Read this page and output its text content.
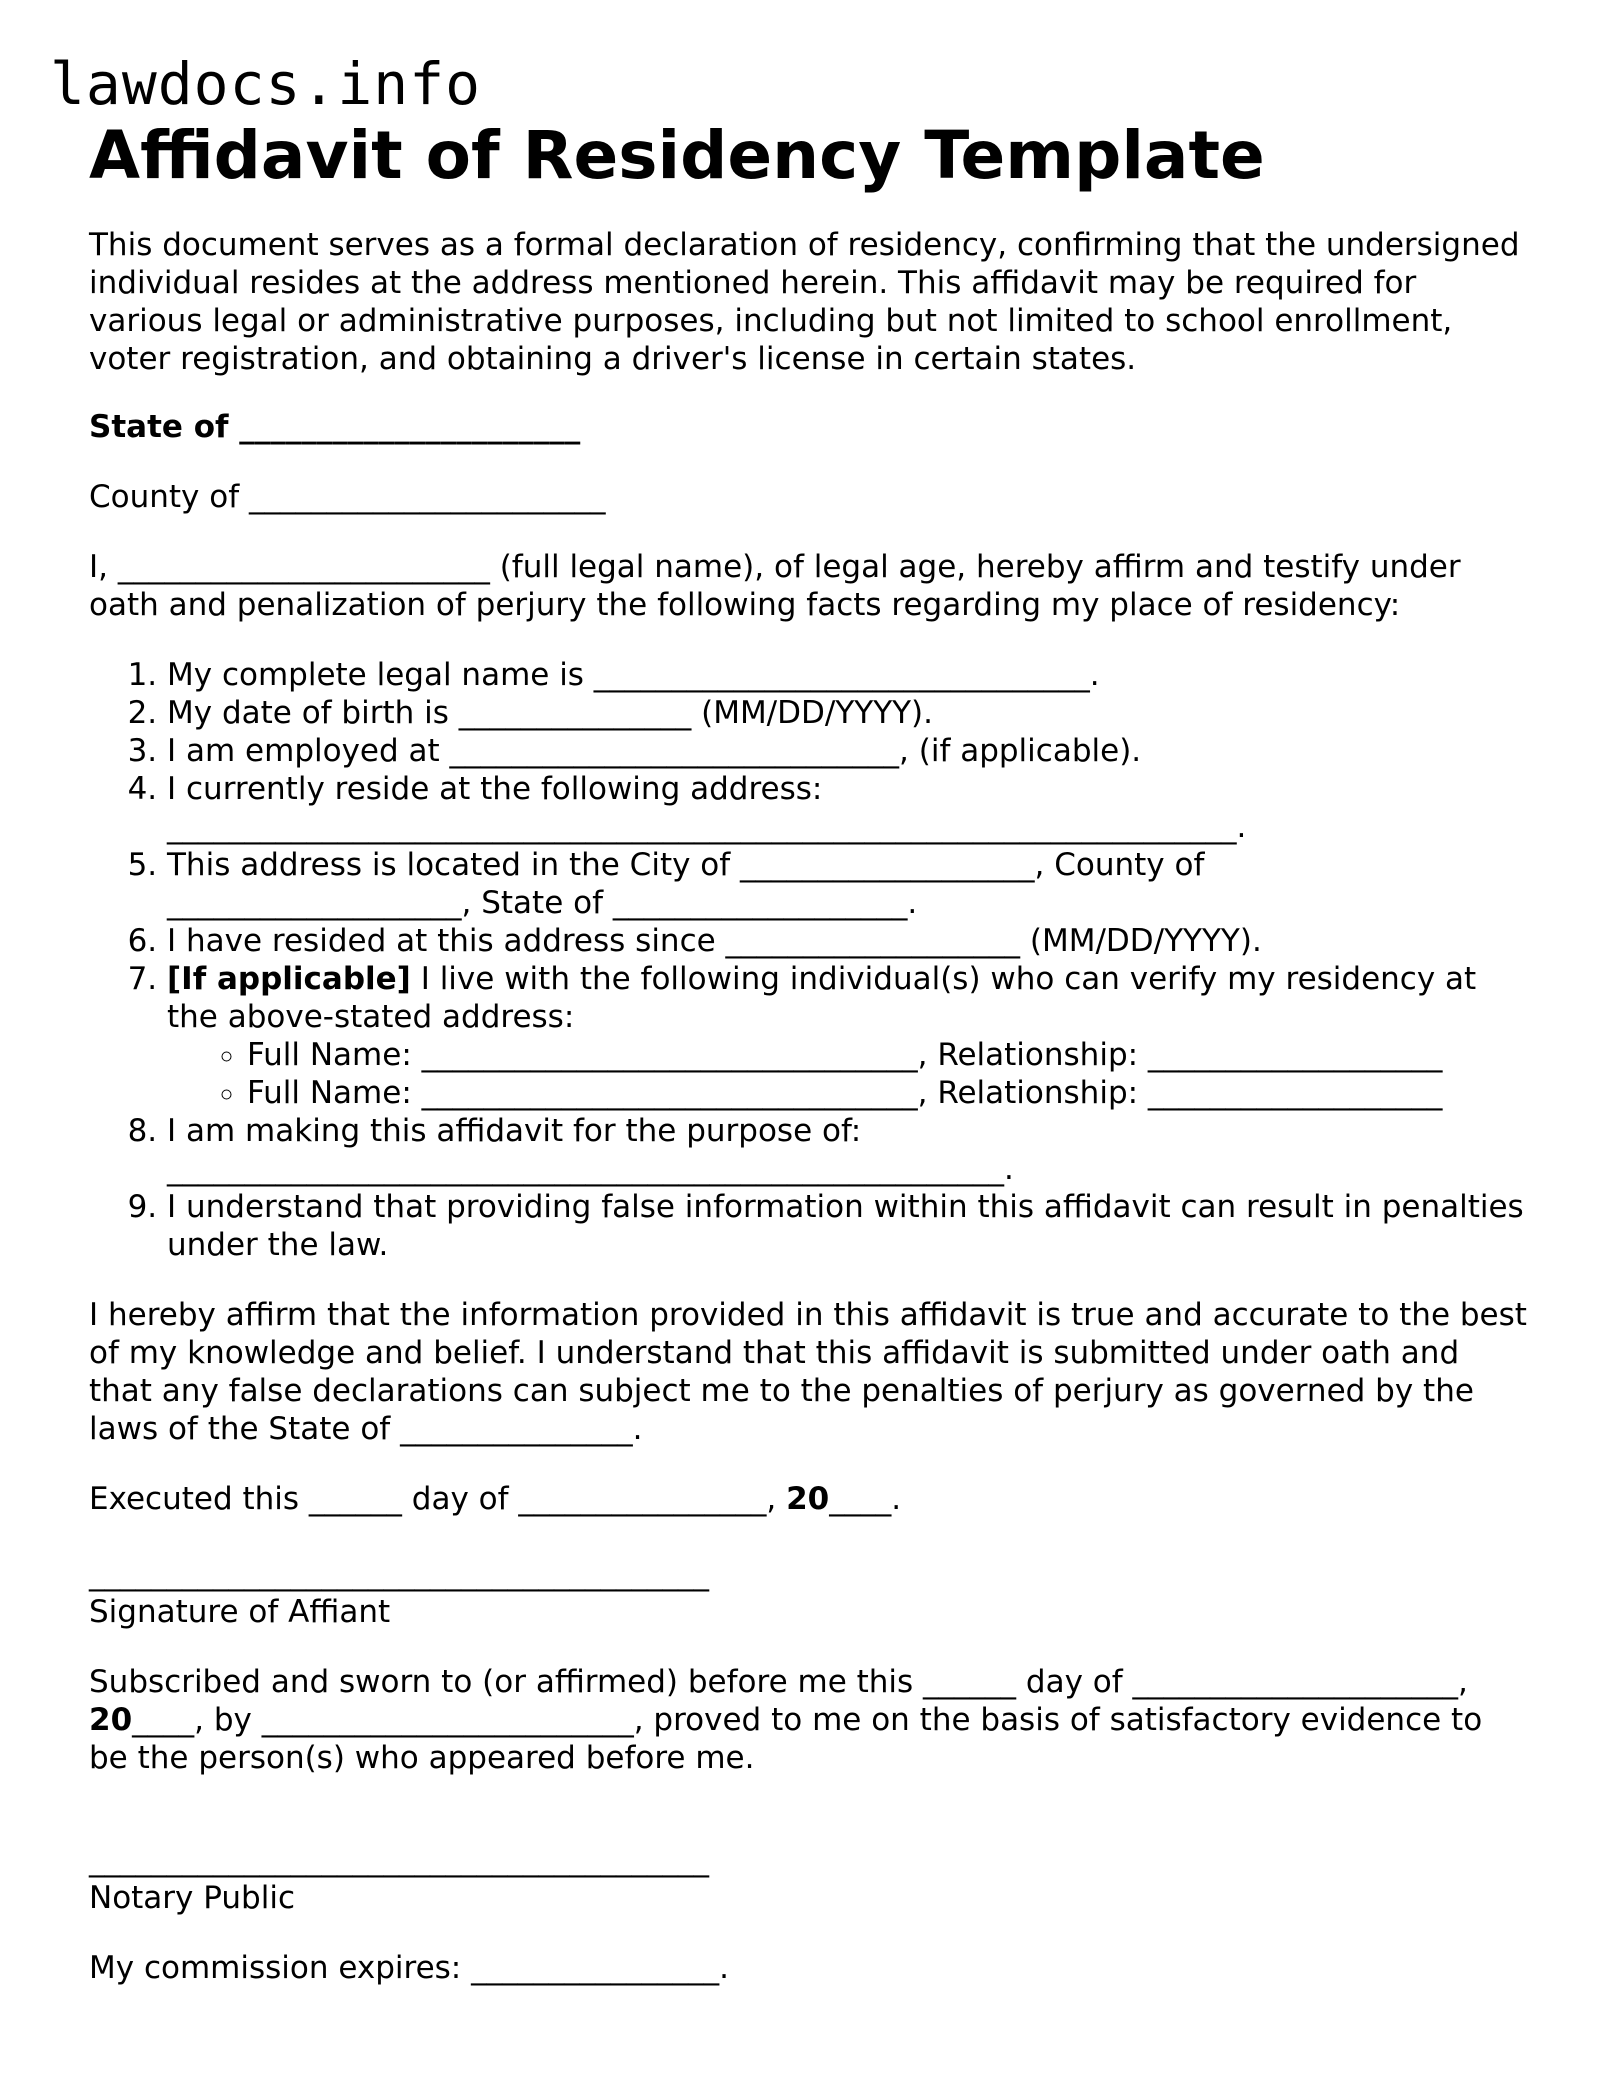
lawdocs.info
Affidavit of Residency Template

This document serves as a formal declaration of residency, confirming that the undersigned individual resides at the address mentioned herein. This affidavit may be required for various legal or administrative purposes, including but not limited to school enrollment, voter registration, and obtaining a driver's license in certain states.

State of ______________________

County of _______________________

I, ________________________ (full legal name), of legal age, hereby affirm and testify under oath and penalization of perjury the following facts regarding my place of residency:

1. My complete legal name is ________________________________.
2. My date of birth is _______________ (MM/DD/YYYY).
3. I am employed at _____________________________, (if applicable).
4. I currently reside at the following address:
_____________________________________________________________________.
5. This address is located in the City of ___________________, County of
___________________, State of ___________________.
6. I have resided at this address since ___________________ (MM/DD/YYYY).
7. [If applicable] I live with the following individual(s) who can verify my residency at the above-stated address:
◦ Full Name: ________________________________, Relationship: ___________________
◦ Full Name: ________________________________, Relationship: ___________________
8. I am making this affidavit for the purpose of:
______________________________________________________.
9. I understand that providing false information within this affidavit can result in penalties under the law.

I hereby affirm that the information provided in this affidavit is true and accurate to the best of my knowledge and belief. I understand that this affidavit is submitted under oath and that any false declarations can subject me to the penalties of perjury as governed by the laws of the State of _______________.

Executed this ______ day of ________________, 20____.

________________________________________
Signature of Affiant

Subscribed and sworn to (or affirmed) before me this ______ day of _____________________,
20____, by ________________________, proved to me on the basis of satisfactory evidence to be the person(s) who appeared before me.

________________________________________
Notary Public

My commission expires: ________________.
